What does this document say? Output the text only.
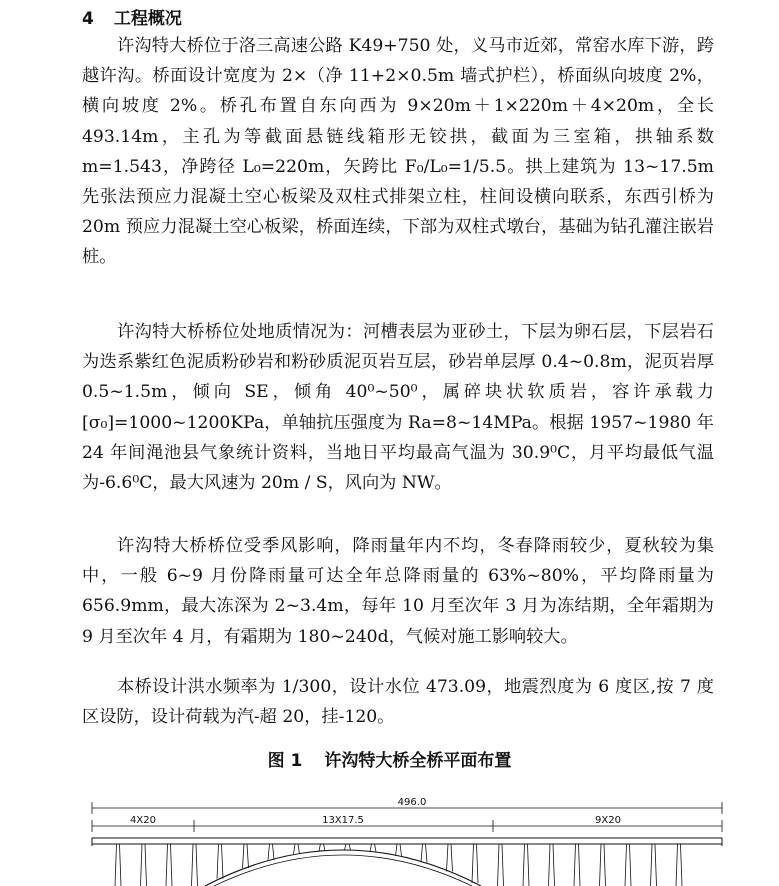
4 工程概况
许沟特大桥位于洛三高速公路 K49+750 处，义马市近郊，常窑水库下游，跨越许沟。桥面设计宽度为 2×（净 11+2×0.5m 墙式护栏），桥面纵向坡度 2%，横向坡度 2%。桥孔布置自东向西为 9×20m＋1×220m＋4×20m，全长 493.14m，主孔为等截面悬链线箱形无铰拱，截面为三室箱，拱轴系数 m=1.543，净跨径 L₀=220m，矢跨比 F₀/L₀=1/5.5。拱上建筑为 13~17.5m 先张法预应力混凝土空心板梁及双柱式排架立柱，柱间设横向联系，东西引桥为 20m 预应力混凝土空心板梁，桥面连续，下部为双柱式墩台，基础为钻孔灌注嵌岩桩。
许沟特大桥桥位处地质情况为：河槽表层为亚砂土，下层为卵石层，下层岩石为迭系紫红色泥质粉砂岩和粉砂质泥页岩互层，砂岩单层厚 0.4~0.8m，泥页岩厚 0.5~1.5m，倾向 SE，倾角 40⁰~50⁰，属碎块状软质岩，容许承载力[σ₀]=1000~1200KPa，单轴抗压强度为 Ra=8~14MPa。根据 1957~1980 年 24 年间渑池县气象统计资料，当地日平均最高气温为 30.9⁰C，月平均最低气温为-6.6⁰C，最大风速为 20m / S，风向为 NW。
许沟特大桥桥位受季风影响，降雨量年内不均，冬春降雨较少，夏秋较为集中，一般 6~9 月份降雨量可达全年总降雨量的 63%~80%，平均降雨量为 656.9mm，最大冻深为 2~3.4m，每年 10 月至次年 3 月为冻结期，全年霜期为 9 月至次年 4 月，有霜期为 180~240d，气候对施工影响较大。
本桥设计洪水频率为 1/300，设计水位 473.09，地震烈度为 6 度区,按 7 度区设防，设计荷载为汽-超 20，挂-120。
图 1 许沟特大桥全桥平面布置
496.0
4X20	13X17.5	9X20
